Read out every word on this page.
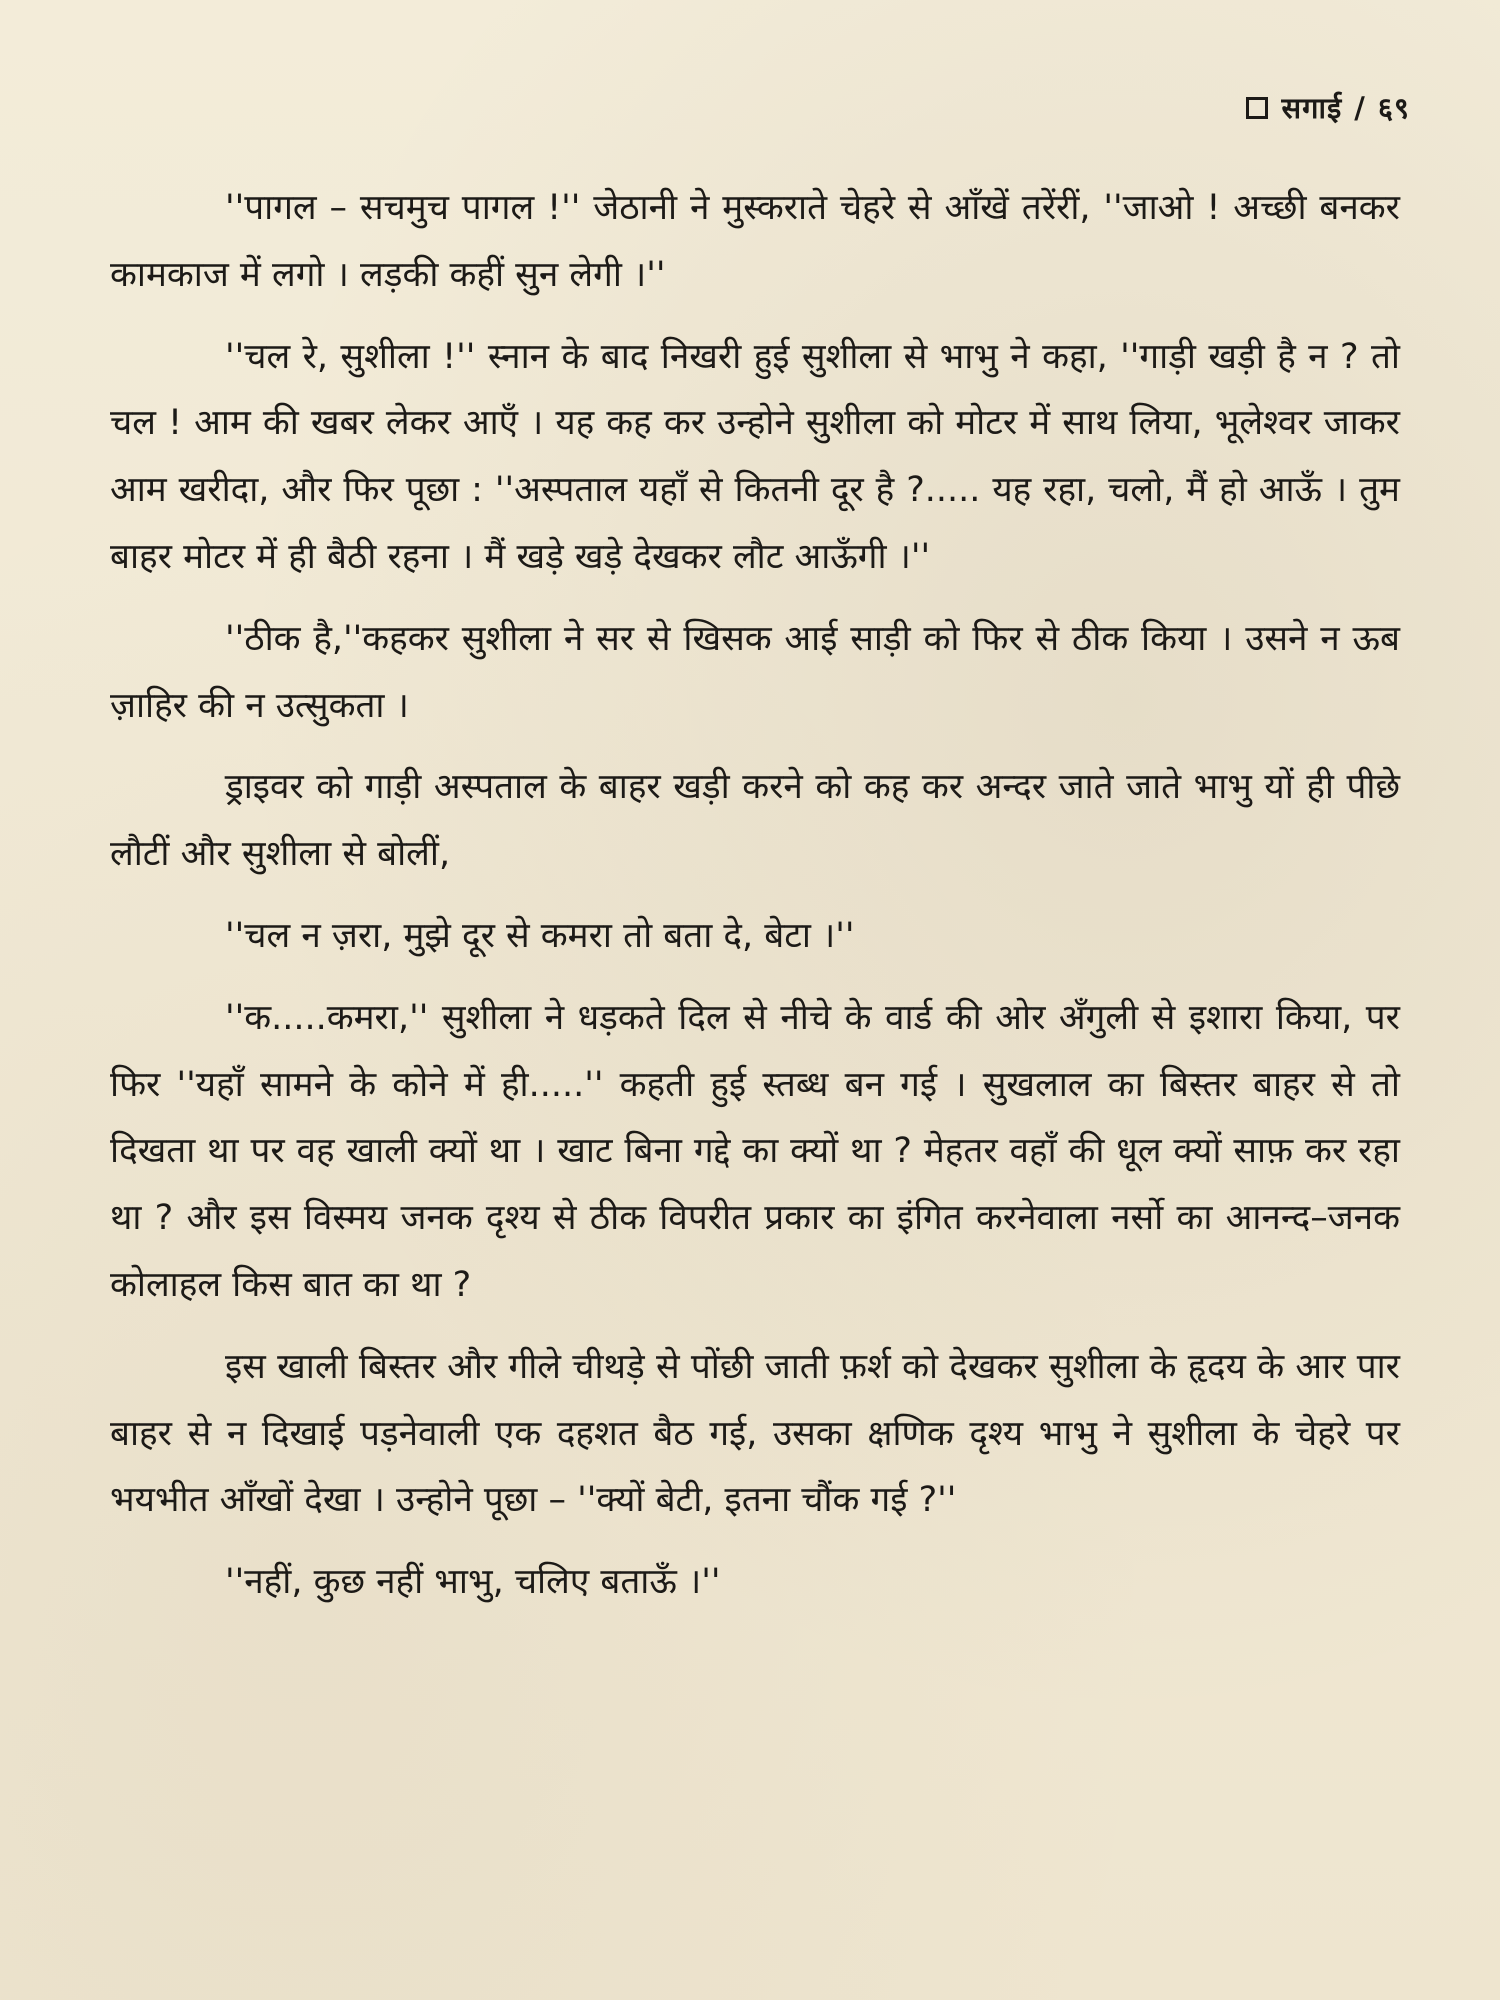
सगाई / ६९

''पागल – सचमुच पागल !'' जेठानी ने मुस्कराते चेहरे से आँखें तरेंरीं, ''जाओ ! अच्छी बनकर कामकाज में लगो । लड़की कहीं सुन लेगी ।''

''चल रे, सुशीला !'' स्नान के बाद निखरी हुई सुशीला से भाभु ने कहा, ''गाड़ी खड़ी है न ? तो चल ! आम की खबर लेकर आएँ । यह कह कर उन्होने सुशीला को मोटर में साथ लिया, भूलेश्वर जाकर आम खरीदा, और फिर पूछा : ''अस्पताल यहाँ से कितनी दूर है ?..... यह रहा, चलो, मैं हो आऊँ । तुम बाहर मोटर में ही बैठी रहना । मैं खड़े खड़े देखकर लौट आऊँगी ।''

''ठीक है,''कहकर सुशीला ने सर से खिसक आई साड़ी को फिर से ठीक किया । उसने न ऊब ज़ाहिर की न उत्सुकता ।

ड्राइवर को गाड़ी अस्पताल के बाहर खड़ी करने को कह कर अन्दर जाते जाते भाभु यों ही पीछे लौटीं और सुशीला से बोलीं,

''चल न ज़रा, मुझे दूर से कमरा तो बता दे, बेटा ।''

''क.....कमरा,'' सुशीला ने धड़कते दिल से नीचे के वार्ड की ओर अँगुली से इशारा किया, पर फिर ''यहाँ सामने के कोने में ही.....'' कहती हुई स्तब्ध बन गई । सुखलाल का बिस्तर बाहर से तो दिखता था पर वह खाली क्यों था । खाट बिना गद्दे का क्यों था ? मेहतर वहाँ की धूल क्यों साफ़ कर रहा था ? और इस विस्मय जनक दृश्य से ठीक विपरीत प्रकार का इंगित करनेवाला नर्सो का आनन्द–जनक कोलाहल किस बात का था ?

इस खाली बिस्तर और गीले चीथड़े से पोंछी जाती फ़र्श को देखकर सुशीला के हृदय के आर पार बाहर से न दिखाई पड़नेवाली एक दहशत बैठ गई, उसका क्षणिक दृश्य भाभु ने सुशीला के चेहरे पर भयभीत आँखों देखा । उन्होने पूछा – ''क्यों बेटी, इतना चौंक गई ?''

''नहीं, कुछ नहीं भाभु, चलिए बताऊँ ।''
